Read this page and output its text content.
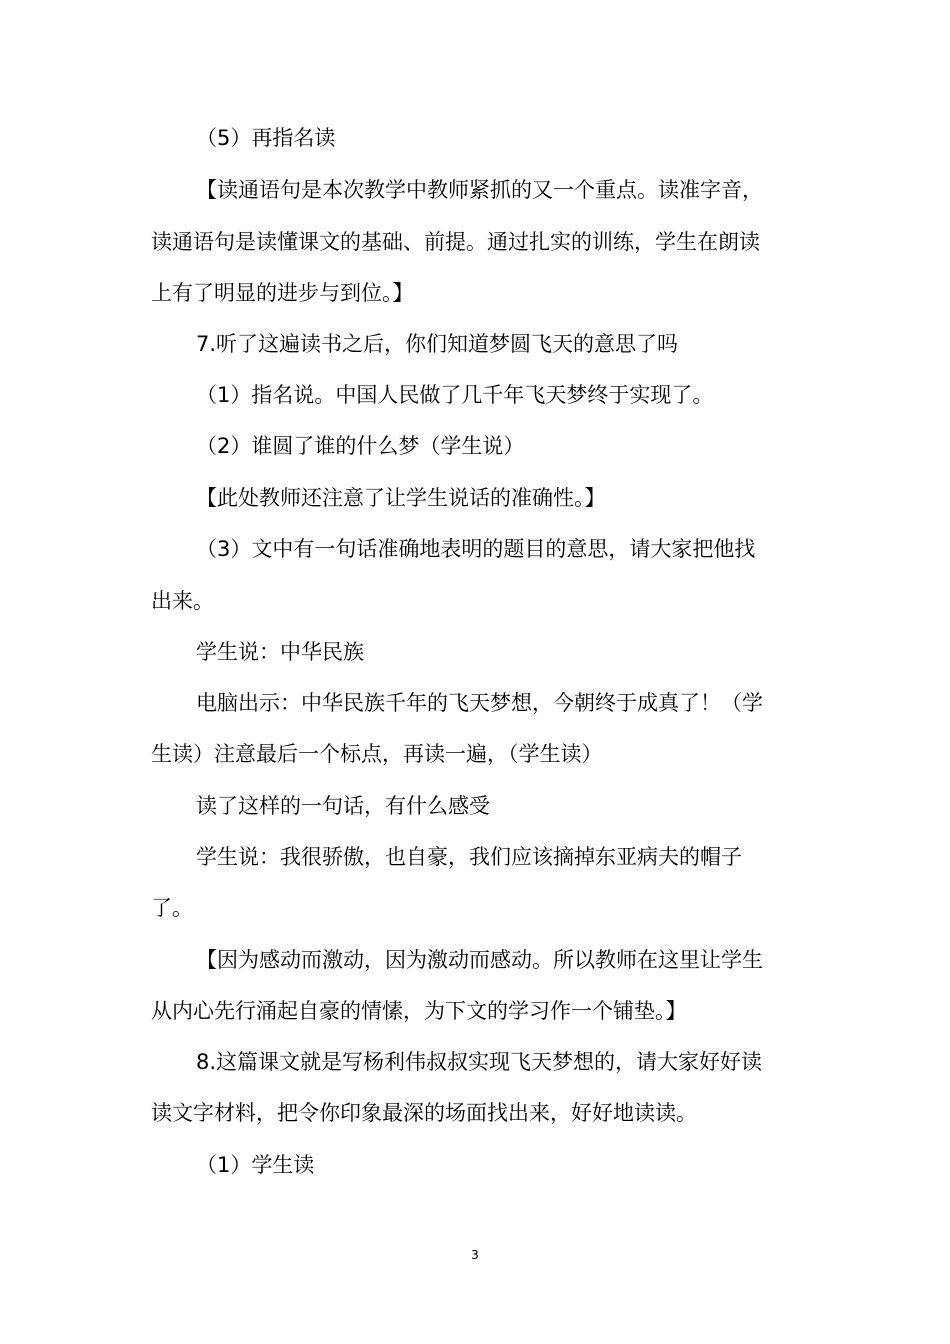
（5）再指名读
【读通语句是本次教学中教师紧抓的又一个重点。读准字音，
读通语句是读懂课文的基础、前提。通过扎实的训练，学生在朗读
上有了明显的进步与到位。】
7.听了这遍读书之后，你们知道梦圆飞天的意思了吗
（1）指名说。中国人民做了几千年飞天梦终于实现了。
（2）谁圆了谁的什么梦（学生说）
【此处教师还注意了让学生说话的准确性。】
（3）文中有一句话准确地表明的题目的意思，请大家把他找
出来。
学生说：中华民族
电脑出示：中华民族千年的飞天梦想，今朝终于成真了！（学
生读）注意最后一个标点，再读一遍，（学生读）
读了这样的一句话，有什么感受
学生说：我很骄傲，也自豪，我们应该摘掉东亚病夫的帽子
了。
【因为感动而激动，因为激动而感动。所以教师在这里让学生
从内心先行涌起自豪的情愫，为下文的学习作一个铺垫。】
8.这篇课文就是写杨利伟叔叔实现飞天梦想的，请大家好好读
读文字材料，把令你印象最深的场面找出来，好好地读读。
（1）学生读
3
